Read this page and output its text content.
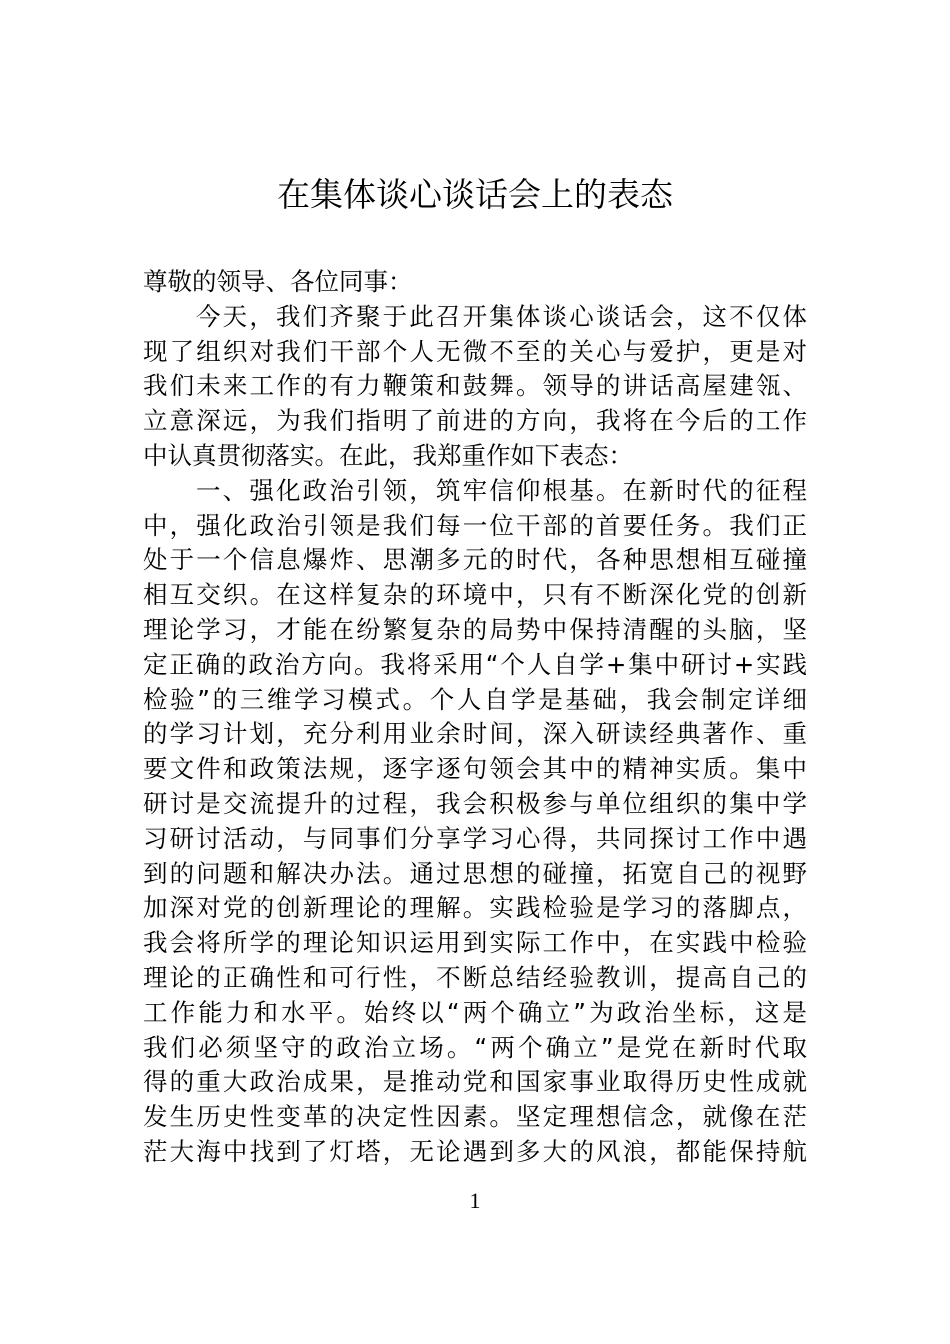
在集体谈心谈话会上的表态
尊敬的领导、各位同事：
今天，我们齐聚于此召开集体谈心谈话会，这不仅体
现了组织对我们干部个人无微不至的关心与爱护，更是对
我们未来工作的有力鞭策和鼓舞。领导的讲话高屋建瓴、
立意深远，为我们指明了前进的方向，我将在今后的工作
中认真贯彻落实。在此，我郑重作如下表态：
一、强化政治引领，筑牢信仰根基。在新时代的征程
中，强化政治引领是我们每一位干部的首要任务。我们正
处于一个信息爆炸、思潮多元的时代，各种思想相互碰撞
相互交织。在这样复杂的环境中，只有不断深化党的创新
理论学习，才能在纷繁复杂的局势中保持清醒的头脑，坚
定正确的政治方向。我将采用“个人自学+集中研讨+实践
检验”的三维学习模式。个人自学是基础，我会制定详细
的学习计划，充分利用业余时间，深入研读经典著作、重
要文件和政策法规，逐字逐句领会其中的精神实质。集中
研讨是交流提升的过程，我会积极参与单位组织的集中学
习研讨活动，与同事们分享学习心得，共同探讨工作中遇
到的问题和解决办法。通过思想的碰撞，拓宽自己的视野
加深对党的创新理论的理解。实践检验是学习的落脚点，
我会将所学的理论知识运用到实际工作中，在实践中检验
理论的正确性和可行性，不断总结经验教训，提高自己的
工作能力和水平。始终以“两个确立”为政治坐标，这是
我们必须坚守的政治立场。“两个确立”是党在新时代取
得的重大政治成果，是推动党和国家事业取得历史性成就
发生历史性变革的决定性因素。坚定理想信念，就像在茫
茫大海中找到了灯塔，无论遇到多大的风浪，都能保持航
1
